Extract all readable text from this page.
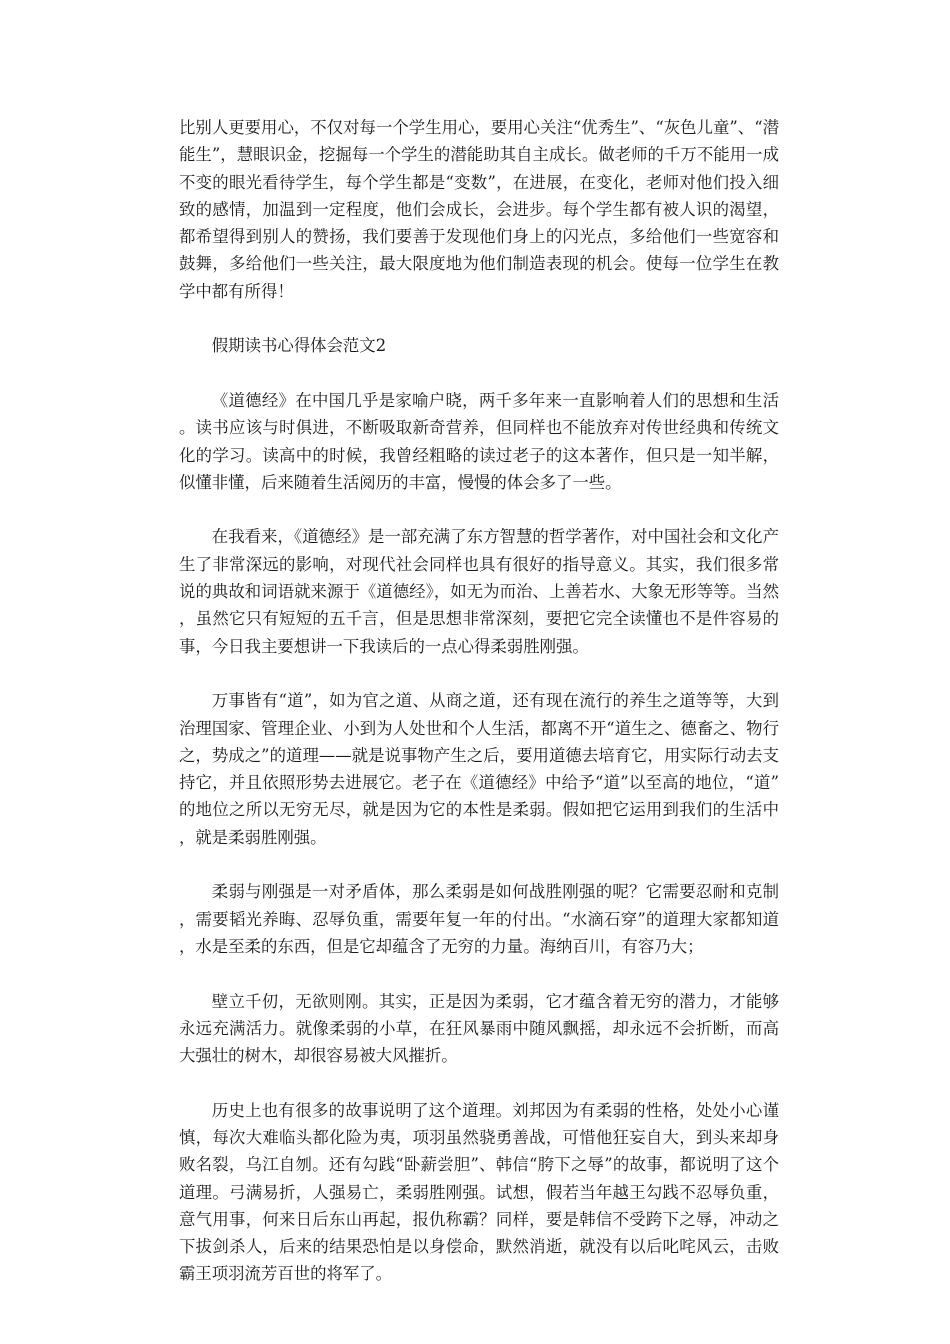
比别人更要用心，不仅对每一个学生用心，要用心关注“优秀生”、“灰色儿童”、“潜能生”，慧眼识金，挖掘每一个学生的潜能助其自主成长。做老师的千万不能用一成不变的眼光看待学生，每个学生都是“变数”，在进展，在变化，老师对他们投入细致的感情，加温到一定程度，他们会成长，会进步。每个学生都有被人识的渴望，都希望得到别人的赞扬，我们要善于发现他们身上的闪光点，多给他们一些宽容和鼓舞，多给他们一些关注，最大限度地为他们制造表现的机会。使每一位学生在教学中都有所得！

假期读书心得体会范文2

《道德经》在中国几乎是家喻户晓，两千多年来一直影响着人们的思想和生活。读书应该与时俱进，不断吸取新奇营养，但同样也不能放弃对传世经典和传统文化的学习。读高中的时候，我曾经粗略的读过老子的这本著作，但只是一知半解，似懂非懂，后来随着生活阅历的丰富，慢慢的体会多了一些。

在我看来，《道德经》是一部充满了东方智慧的哲学著作，对中国社会和文化产生了非常深远的影响，对现代社会同样也具有很好的指导意义。其实，我们很多常说的典故和词语就来源于《道德经》，如无为而治、上善若水、大象无形等等。当然，虽然它只有短短的五千言，但是思想非常深刻，要把它完全读懂也不是件容易的事，今日我主要想讲一下我读后的一点心得柔弱胜刚强。

万事皆有“道”，如为官之道、从商之道，还有现在流行的养生之道等等，大到治理国家、管理企业、小到为人处世和个人生活，都离不开“道生之、德畜之、物行之，势成之”的道理——就是说事物产生之后，要用道德去培育它，用实际行动去支持它，并且依照形势去进展它。老子在《道德经》中给予“道”以至高的地位，“道”的地位之所以无穷无尽，就是因为它的本性是柔弱。假如把它运用到我们的生活中，就是柔弱胜刚强。

柔弱与刚强是一对矛盾体，那么柔弱是如何战胜刚强的呢？它需要忍耐和克制，需要韬光养晦、忍辱负重，需要年复一年的付出。“水滴石穿”的道理大家都知道，水是至柔的东西，但是它却蕴含了无穷的力量。海纳百川，有容乃大；

壁立千仞，无欲则刚。其实，正是因为柔弱，它才蕴含着无穷的潜力，才能够永远充满活力。就像柔弱的小草，在狂风暴雨中随风飘摇，却永远不会折断，而高大强壮的树木，却很容易被大风摧折。

历史上也有很多的故事说明了这个道理。刘邦因为有柔弱的性格，处处小心谨慎，每次大难临头都化险为夷，项羽虽然骁勇善战，可惜他狂妄自大，到头来却身败名裂，乌江自刎。还有勾践“卧薪尝胆”、韩信“胯下之辱”的故事，都说明了这个道理。弓满易折，人强易亡，柔弱胜刚强。试想，假若当年越王勾践不忍辱负重，意气用事，何来日后东山再起，报仇称霸？同样，要是韩信不受跨下之辱，冲动之下拔剑杀人，后来的结果恐怕是以身偿命，默然消逝，就没有以后叱咤风云，击败霸王项羽流芳百世的将军了。
